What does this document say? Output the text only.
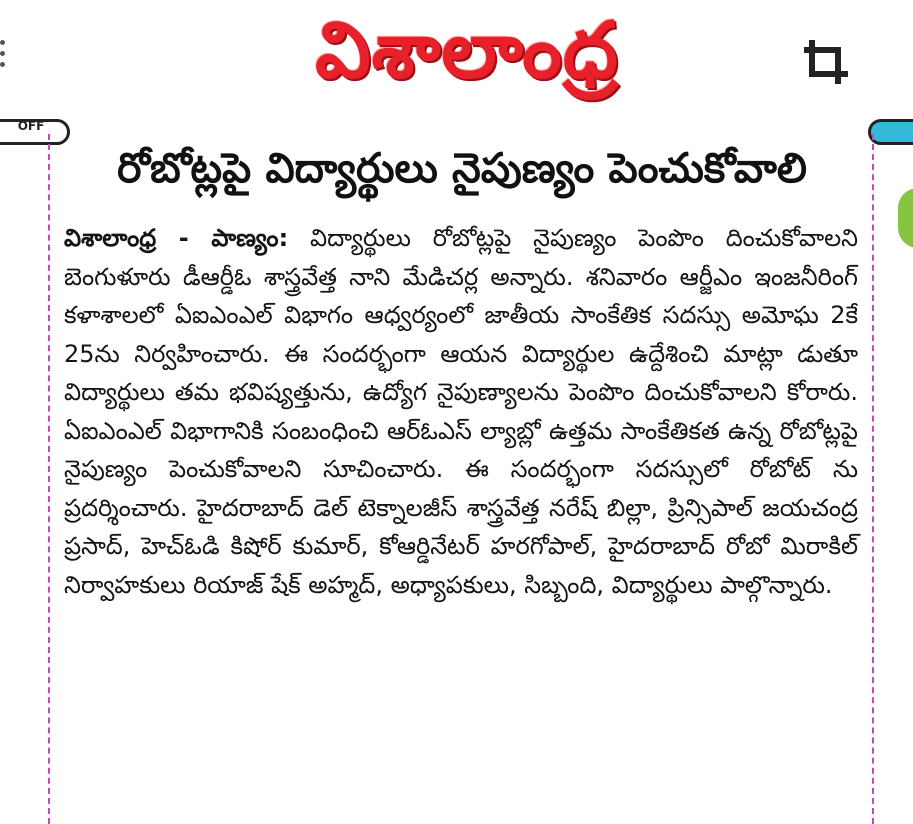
విశాలాంధ్ర
OFF
రోబోట్లపై విద్యార్థులు నైపుణ్యం పెంచుకోవాలి
విశాలాంధ్ర - పాణ్యం: విద్యార్థులు రోబోట్లపై నైపుణ్యం పెంపొం దించుకోవాలని బెంగుళూరు డీఆర్డీఓ శాస్త్రవేత్త నాని మేడిచర్ల అన్నారు. శనివారం ఆర్జీఎం ఇంజనీరింగ్ కళాశాలలో ఏఐఎంఎల్ విభాగం ఆధ్వర్యంలో జాతీయ సాంకేతిక సదస్సు అమోఘ 2కే 25ను నిర్వహించారు. ఈ సందర్భంగా ఆయన విద్యార్థుల ఉద్దేశించి మాట్లా డుతూ విద్యార్థులు తమ భవిష్యత్తును, ఉద్యోగ నైపుణ్యాలను పెంపొం దించుకోవాలని కోరారు. ఏఐఎంఎల్ విభాగానికి సంబంధించి ఆర్ఓఎస్ ల్యాబ్లో ఉత్తమ సాంకేతికత ఉన్న రోబోట్లపై నైపుణ్యం పెంచుకోవాలని సూచించారు. ఈ సందర్భంగా సదస్సులో రోబోట్ ను ప్రదర్శించారు. హైదరాబాద్ డెల్ టెక్నాలజీస్ శాస్త్రవేత్త నరేష్ బిల్లా, ప్రిన్సిపాల్ జయచంద్ర ప్రసాద్, హెచ్ఓడి కిషోర్ కుమార్, కోఆర్డినేటర్ హరగోపాల్, హైదరాబాద్ రోబో మిరాకిల్ నిర్వాహకులు రియాజ్ షేక్ అహ్మద్, అధ్యాపకులు, సిబ్బంది, విద్యార్థులు పాల్గొన్నారు.
